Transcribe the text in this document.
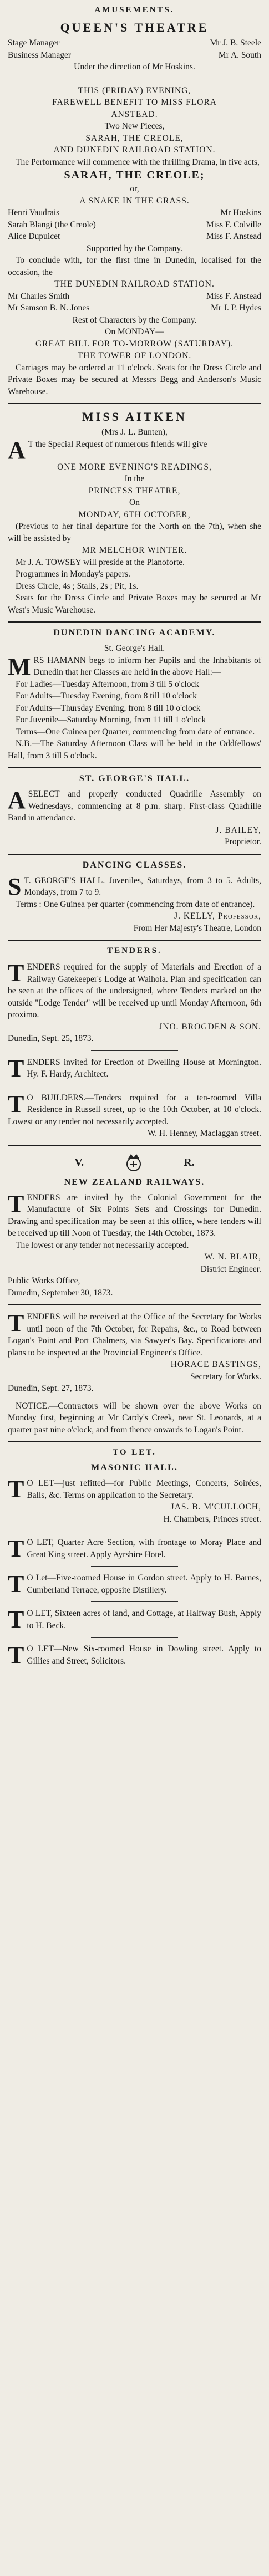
AMUSEMENTS.
QUEEN'S THEATRE
Stage Manager	Mr J. B. Steele
Business Manager	Mr A. South
Under the direction of Mr Hoskins.
THIS (FRIDAY) EVENING,
FAREWELL BENEFIT TO MISS FLORA
ANSTEAD.
Two New Pieces,
SARAH, THE CREOLE,
AND DUNEDIN RAILROAD STATION.
The Performance will commence with the thrilling Drama, in five acts,
SARAH, THE CREOLE;
or,
A SNAKE IN THE GRASS.
Henri Vaudrais	Mr Hoskins
Sarah Blangi (the Creole)	Miss F. Colville
Alice Dupuicet	Miss F. Anstead
Supported by the Company.
To conclude with, for the first time in Dunedin, localised for the occasion, the
THE DUNEDIN RAILROAD STATION.
Mr Charles Smith	Miss F. Anstead
Mr Samson B. N. Jones	Mr J. P. Hydes
Rest of Characters by the Company.
On MONDAY—
GREAT BILL FOR TO-MORROW (SATURDAY).
THE TOWER OF LONDON.
Carriages may be ordered at 11 o'clock. Seats for the Dress Circle and Private Boxes may be secured at Messrs Begg and Anderson's Music Warehouse.
MISS AITKEN
(Mrs J. L. Bunten),
A T the Special Request of numerous friends will give
ONE MORE EVENING'S READINGS,
In the
PRINCESS THEATRE,
On
MONDAY, 6TH OCTOBER,
(Previous to her final departure for the North on the 7th), when she will be assisted by
MR MELCHOR WINTER.
Mr J. A. TOWSEY will preside at the Pianoforte.
Programmes in Monday's papers.
Dress Circle, 4s ; Stalls, 2s ; Pit, 1s.
Seats for the Dress Circle and Private Boxes may be secured at Mr West's Music Warehouse.
DUNEDIN DANCING ACADEMY.
St. George's Hall.
M RS HAMANN begs to inform her Pupils and the Inhabitants of Dunedin that her Classes are held in the above Hall:—
For Ladies—Tuesday Afternoon, from 3 till 5 o'clock
For Adults—Tuesday Evening, from 8 till 10 o'clock
For Adults—Thursday Evening, from 8 till 10 o'clock
For Juvenile—Saturday Morning, from 11 till 1 o'clock
Terms—One Guinea per Quarter, commencing from date of entrance.
N.B.—The Saturday Afternoon Class will be held in the Oddfellows' Hall, from 3 till 5 o'clock.
ST. GEORGE'S HALL.
A SELECT and properly conducted Quadrille Assembly on Wednesdays, commencing at 8 p.m. sharp. First-class Quadrille Band in attendance.
J. BAILEY,
Proprietor.
DANCING CLASSES.
S T. GEORGE'S HALL. Juveniles, Saturdays, from 3 to 5. Adults, Mondays, from 7 to 9.
Terms : One Guinea per quarter (commencing from date of entrance).
J. KELLY, Professor,
From Her Majesty's Theatre, London
TENDERS.
T ENDERS required for the supply of Materials and Erection of a Railway Gatekeeper's Lodge at Waihola. Plan and specification can be seen at the offices of the undersigned, where Tenders marked on the outside "Lodge Tender" will be received up until Monday Afternoon, 6th proximo.
JNO. BROGDEN & SON.
Dunedin, Sept. 25, 1873.
T ENDERS invited for Erection of Dwelling House at Mornington. Hy. F. Hardy, Architect.
T O BUILDERS.—Tenders required for a ten-roomed Villa Residence in Russell street, up to the 10th October, at 10 o'clock. Lowest or any tender not necessarily accepted.
W. H. Henney, Maclaggan street.
V.	R.
NEW ZEALAND RAILWAYS.
T ENDERS are invited by the Colonial Government for the Manufacture of Six Points Sets and Crossings for Dunedin. Drawing and specification may be seen at this office, where tenders will be received up till Noon of Tuesday, the 14th October, 1873.
The lowest or any tender not necessarily accepted.
W. N. BLAIR,
District Engineer.
Public Works Office,
Dunedin, September 30, 1873.
T ENDERS will be received at the Office of the Secretary for Works until noon of the 7th October, for Repairs, &c., to Road between Logan's Point and Port Chalmers, via Sawyer's Bay. Specifications and plans to be inspected at the Provincial Engineer's Office.
HORACE BASTINGS,
Secretary for Works.
Dunedin, Sept. 27, 1873.
NOTICE.—Contractors will be shown over the above Works on Monday first, beginning at Mr Cardy's Creek, near St. Leonards, at a quarter past nine o'clock, and from thence onwards to Logan's Point.
TO LET.
MASONIC HALL.
T O LET—just refitted—for Public Meetings, Concerts, Soirées, Balls, &c. Terms on application to the Secretary.
JAS. B. M'CULLOCH,
H. Chambers, Princes street.
T O LET, Quarter Acre Section, with frontage to Moray Place and Great King street. Apply Ayrshire Hotel.
T O Let—Five-roomed House in Gordon street. Apply to H. Barnes, Cumberland Terrace, opposite Distillery.
T O LET, Sixteen acres of land, and Cottage, at Halfway Bush, Apply to H. Beck.
T O LET—New Six-roomed House in Dowling street. Apply to Gillies and Street, Solicitors.
